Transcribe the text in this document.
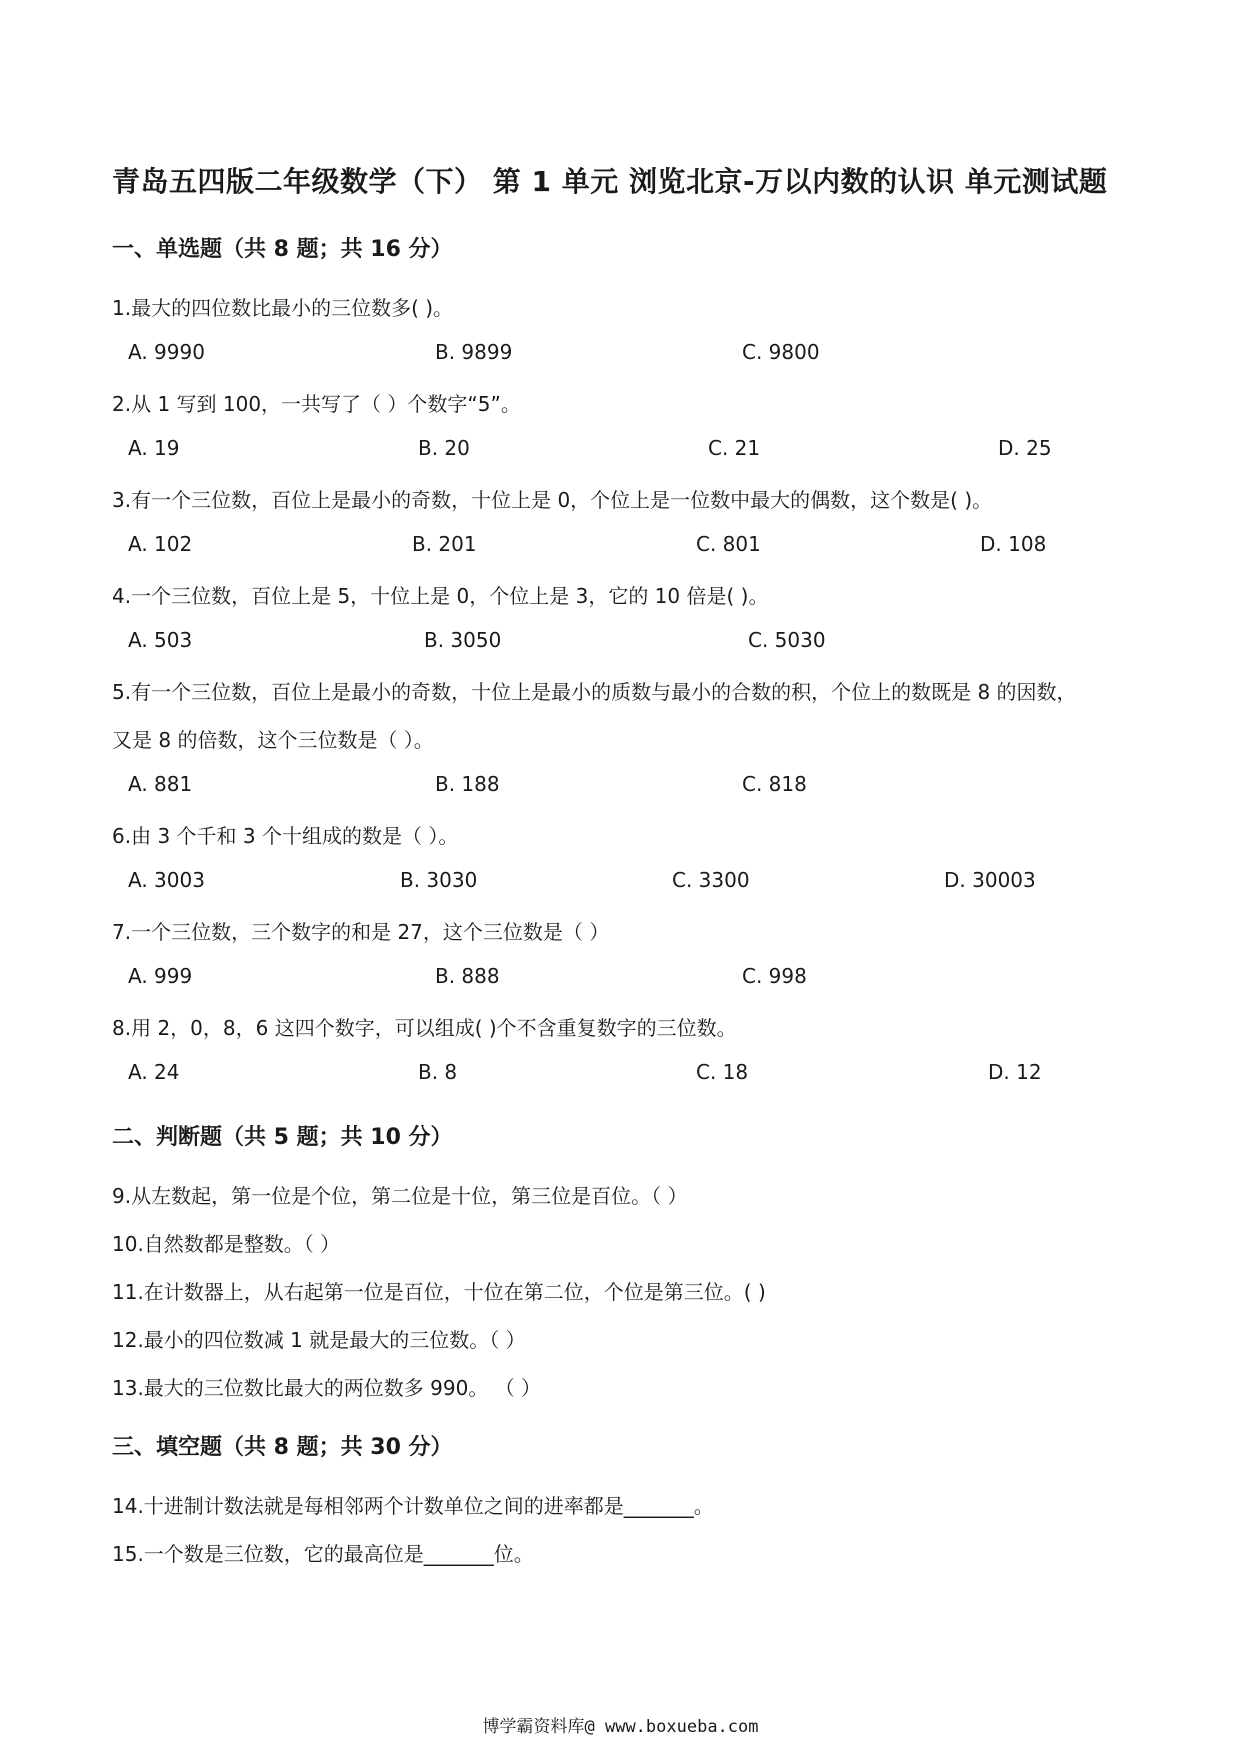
青岛五四版二年级数学（下） 第 1 单元 浏览北京-万以内数的认识 单元测试题
一、单选题（共 8 题；共 16 分）
1.最大的四位数比最小的三位数多( )。
A. 9990	B. 9899	C. 9800
2.从 1 写到 100，一共写了（ ）个数字“5”。
A. 19	B. 20	C. 21	D. 25
3.有一个三位数，百位上是最小的奇数，十位上是 0，个位上是一位数中最大的偶数，这个数是( )。
A. 102	B. 201	C. 801	D. 108
4.一个三位数，百位上是 5，十位上是 0，个位上是 3，它的 10 倍是( )。
A. 503	B. 3050	C. 5030
5.有一个三位数，百位上是最小的奇数，十位上是最小的质数与最小的合数的积，个位上的数既是 8 的因数，
又是 8 的倍数，这个三位数是（ ）。
A. 881	B. 188	C. 818
6.由 3 个千和 3 个十组成的数是（ ）。
A. 3003	B. 3030	C. 3300	D. 30003
7.一个三位数，三个数字的和是 27，这个三位数是（ ）
A. 999	B. 888	C. 998
8.用 2，0，8，6 这四个数字，可以组成( )个不含重复数字的三位数。
A. 24	B. 8	C. 18	D. 12
二、判断题（共 5 题；共 10 分）
9.从左数起，第一位是个位，第二位是十位，第三位是百位。（ ）
10.自然数都是整数。（ ）
11.在计数器上，从右起第一位是百位，十位在第二位，个位是第三位。( )
12.最小的四位数减 1 就是最大的三位数。（ ）
13.最大的三位数比最大的两位数多 990。 （ ）
三、填空题（共 8 题；共 30 分）
14.十进制计数法就是每相邻两个计数单位之间的进率都是_______。
15.一个数是三位数，它的最高位是_______位。
博学霸资料库@ www.boxueba.com
